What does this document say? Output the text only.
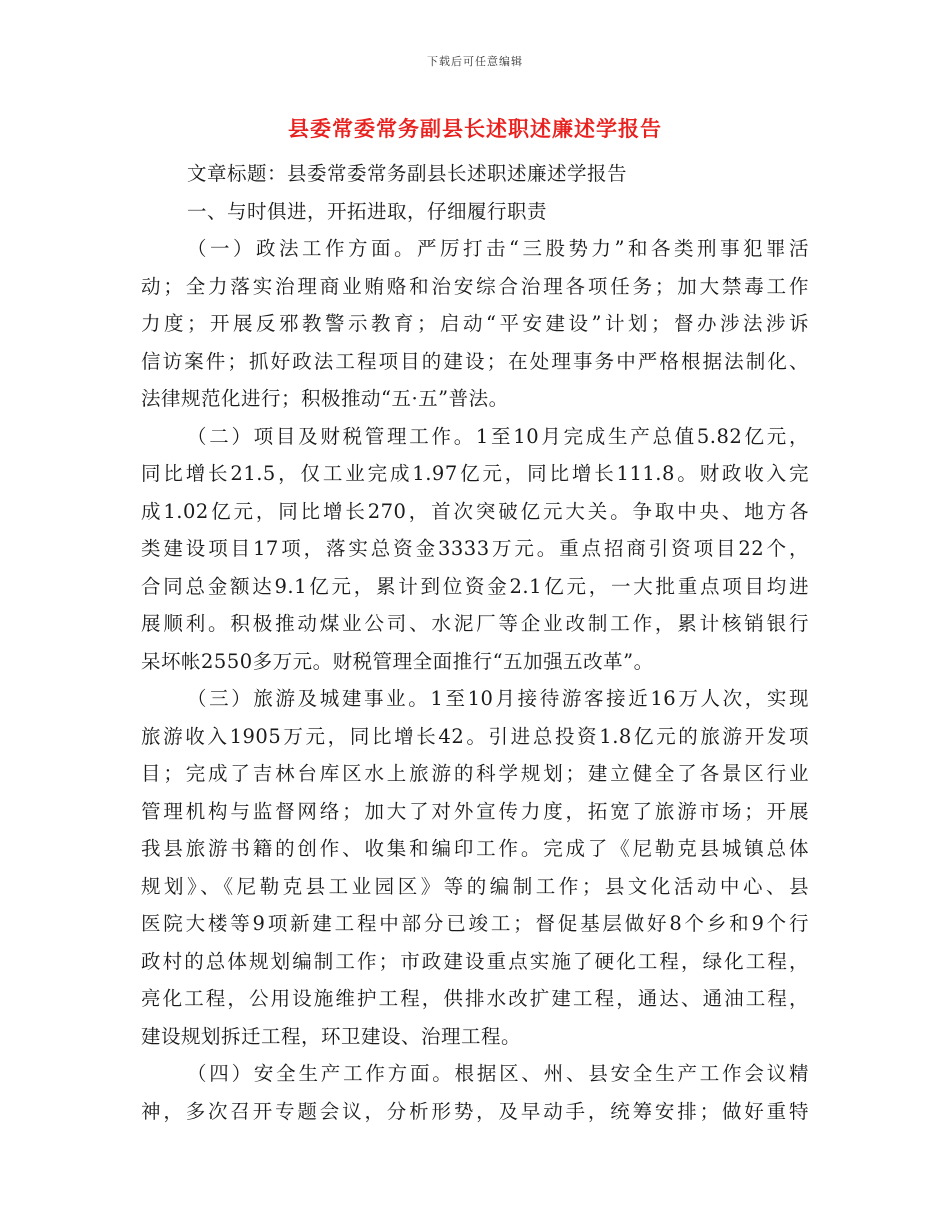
下载后可任意编辑
县委常委常务副县长述职述廉述学报告
文章标题：县委常委常务副县长述职述廉述学报告
一、与时俱进，开拓进取，仔细履行职责
（一）政法工作方面。严厉打击“三股势力”和各类刑事犯罪活
动；全力落实治理商业贿赂和治安综合治理各项任务；加大禁毒工作
力度；开展反邪教警示教育；启动“平安建设”计划；督办涉法涉诉
信访案件；抓好政法工程项目的建设；在处理事务中严格根据法制化、
法律规范化进行；积极推动“五·五”普法。
（二）项目及财税管理工作。1至10月完成生产总值5.82亿元，
同比增长21.5，仅工业完成1.97亿元，同比增长111.8。财政收入完
成1.02亿元，同比增长270，首次突破亿元大关。争取中央、地方各
类建设项目17项，落实总资金3333万元。重点招商引资项目22个，
合同总金额达9.1亿元，累计到位资金2.1亿元，一大批重点项目均进
展顺利。积极推动煤业公司、水泥厂等企业改制工作，累计核销银行
呆坏帐2550多万元。财税管理全面推行“五加强五改革”。
（三）旅游及城建事业。1至10月接待游客接近16万人次，实现
旅游收入1905万元，同比增长42。引进总投资1.8亿元的旅游开发项
目；完成了吉林台库区水上旅游的科学规划；建立健全了各景区行业
管理机构与监督网络；加大了对外宣传力度，拓宽了旅游市场；开展
我县旅游书籍的创作、收集和编印工作。完成了《尼勒克县城镇总体
规划》、《尼勒克县工业园区》等的编制工作；县文化活动中心、县
医院大楼等9项新建工程中部分已竣工；督促基层做好8个乡和9个行
政村的总体规划编制工作；市政建设重点实施了硬化工程，绿化工程，
亮化工程，公用设施维护工程，供排水改扩建工程，通达、通油工程，
建设规划拆迁工程，环卫建设、治理工程。
（四）安全生产工作方面。根据区、州、县安全生产工作会议精
神，多次召开专题会议，分析形势，及早动手，统筹安排；做好重特
